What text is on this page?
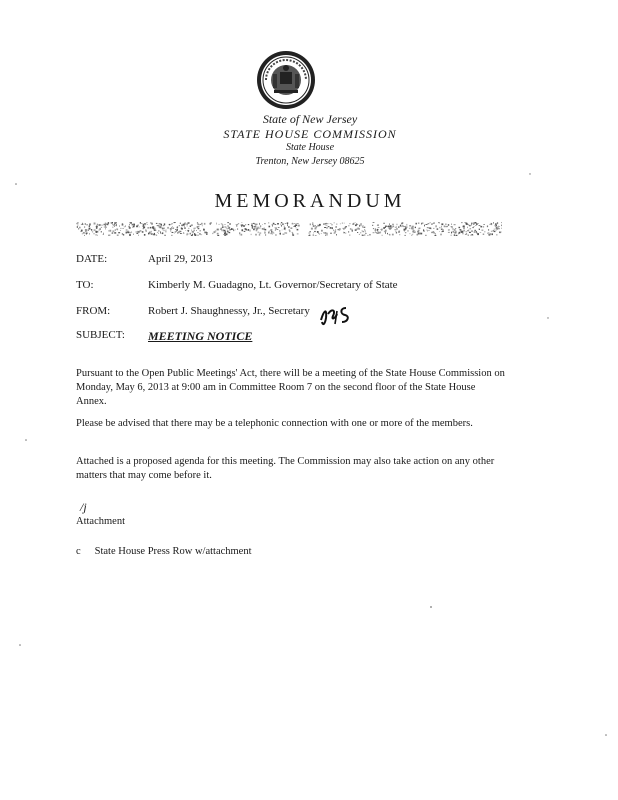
State of New Jersey
STATE HOUSE COMMISSION
State House
Trenton, New Jersey 08625
MEMORANDUM
DATE:	April 29, 2013
TO:	Kimberly M. Guadagno, Lt. Governor/Secretary of State
FROM:	Robert J. Shaughnessy, Jr., Secretary
SUBJECT:	MEETING NOTICE
Pursuant to the Open Public Meetings' Act, there will be a meeting of the State House Commission on Monday, May 6, 2013 at 9:00 am in Committee Room 7 on the second floor of the State House Annex.
Please be advised that there may be a telephonic connection with one or more of the members.
Attached is a proposed agenda for this meeting. The Commission may also take action on any other matters that may come before it.
/j
Attachment
c State House Press Row w/attachment
